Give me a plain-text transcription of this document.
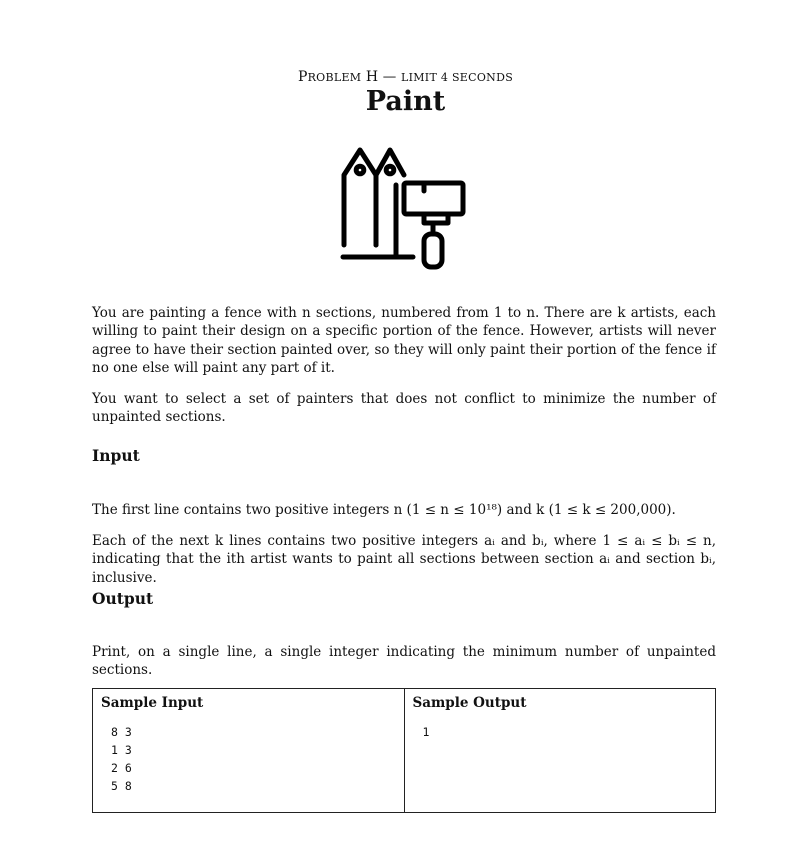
PROBLEM H — LIMIT 4 SECONDS
Paint

You are painting a fence with n sections, numbered from 1 to n. There are k artists, each willing to paint their design on a specific portion of the fence. However, artists will never agree to have their section painted over, so they will only paint their portion of the fence if no one else will paint any part of it.

You want to select a set of painters that does not conflict to minimize the number of unpainted sections.

Input

The first line contains two positive integers n (1 ≤ n ≤ 10¹⁸) and k (1 ≤ k ≤ 200,000).

Each of the next k lines contains two positive integers aᵢ and bᵢ, where 1 ≤ aᵢ ≤ bᵢ ≤ n, indicating that the ith artist wants to paint all sections between section aᵢ and section bᵢ, inclusive.

Output

Print, on a single line, a single integer indicating the minimum number of unpainted sections.

Sample Input
8 3
1 3
2 6
5 8
Sample Output
1
